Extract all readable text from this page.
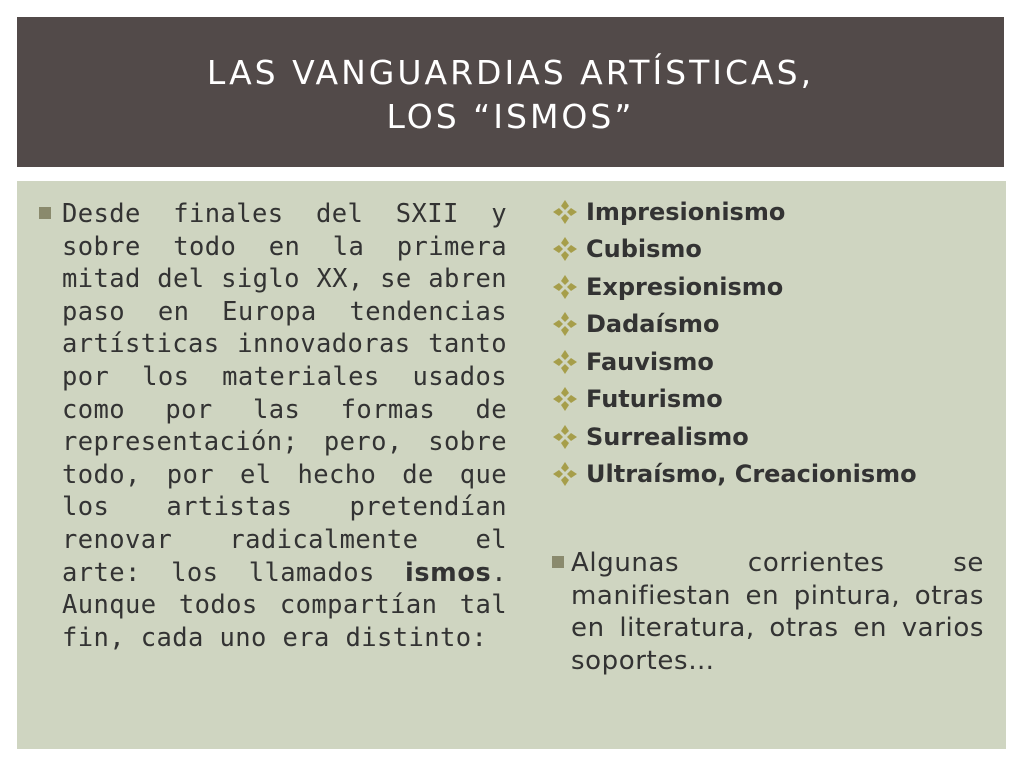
LAS VANGUARDIAS ARTÍSTICAS,
LOS “ISMOS”
Desde finales del SXII y sobre todo en la primera mitad del siglo XX, se abren paso en Europa tendencias artísticas innovadoras tanto por los materiales usados como por las formas de representación; pero, sobre todo, por el hecho de que los artistas pretendían renovar radicalmente el arte: los llamados ismos. Aunque todos compartían tal fin, cada uno era distinto:
Impresionismo
Cubismo
Expresionismo
Dadaísmo
Fauvismo
Futurismo
Surrealismo
Ultraísmo, Creacionismo
Algunas corrientes se manifiestan en pintura, otras en literatura, otras en varios soportes…
